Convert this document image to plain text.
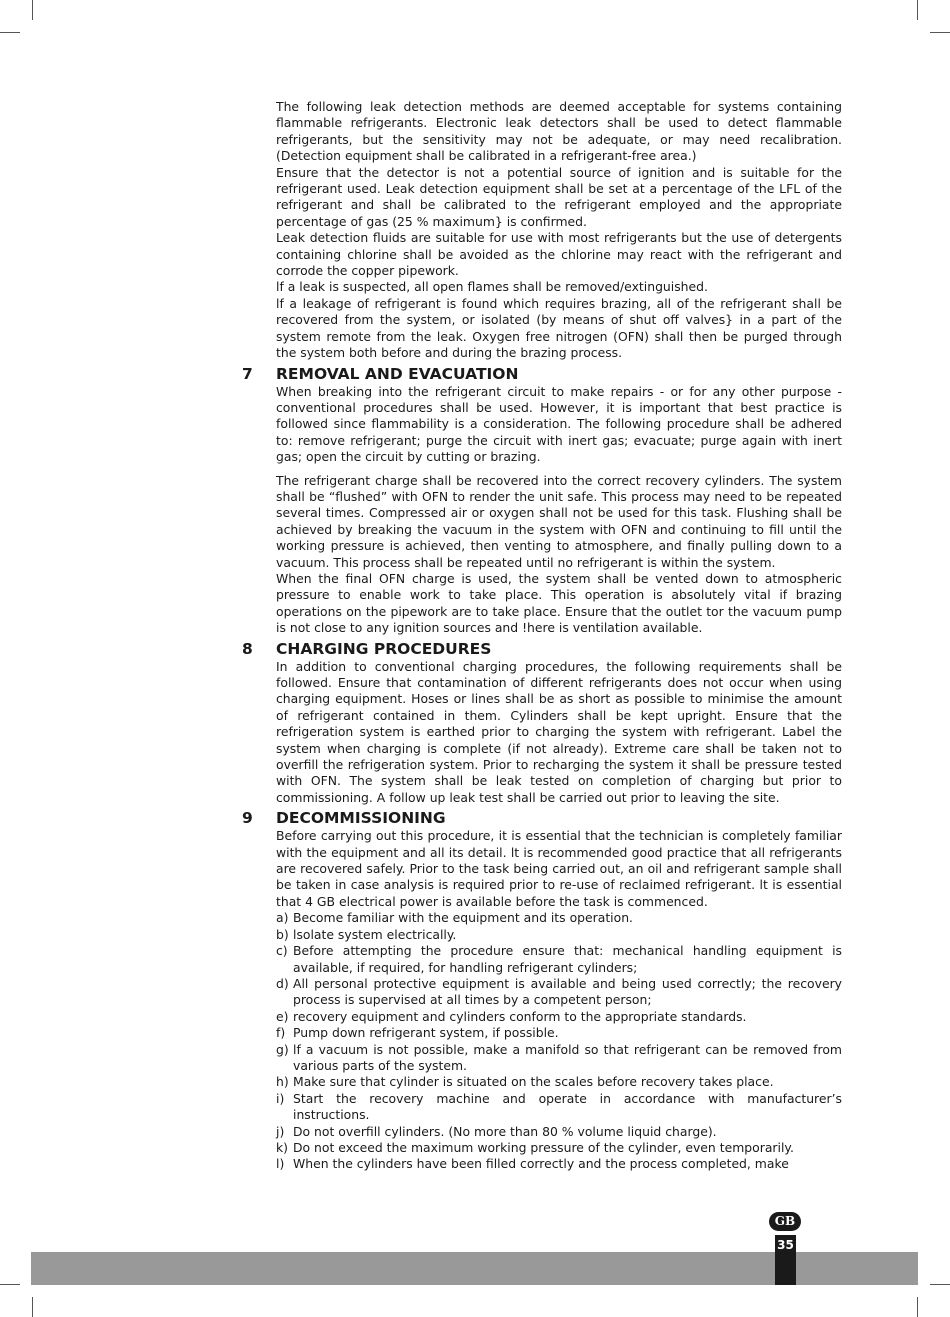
The following leak detection methods are deemed acceptable for systems containing flammable refrigerants. Electronic leak detectors shall be used to detect flammable refrigerants, but the sensitivity may not be adequate, or may need recalibration. (Detection equipment shall be calibrated in a refrigerant-free area.)

Ensure that the detector is not a potential source of ignition and is suitable for the refrigerant used. Leak detection equipment shall be set at a percentage of the LFL of the refrigerant and shall be calibrated to the refrigerant employed and the appropriate percentage of gas (25 % maximum} is confirmed.

Leak detection fluids are suitable for use with most refrigerants but the use of detergents containing chlorine shall be avoided as the chlorine may react with the refrigerant and corrode the copper pipework.

lf a leak is suspected, all open flames shall be removed/extinguished.

lf a leakage of refrigerant is found which requires brazing, all of the refrigerant shall be recovered from the system, or isolated (by means of shut off valves} in a part of the system remote from the leak. Oxygen free nitrogen (OFN) shall then be purged through the system both before and during the brazing process.

7 REMOVAL AND EVACUATION

When breaking into the refrigerant circuit to make repairs - or for any other purpose - conventional procedures shall be used. However, it is important that best practice is followed since flammability is a consideration. The following procedure shall be adhered to: remove refrigerant; purge the circuit with inert gas; evacuate; purge again with inert gas; open the circuit by cutting or brazing.

The refrigerant charge shall be recovered into the correct recovery cylinders. The system shall be “flushed” with OFN to render the unit safe. This process may need to be repeated several times. Compressed air or oxygen shall not be used for this task. Flushing shall be achieved by breaking the vacuum in the system with OFN and continuing to fill until the working pressure is achieved, then venting to atmosphere, and finally pulling down to a vacuum. This process shall be repeated until no refrigerant is within the system.

When the final OFN charge is used, the system shall be vented down to atmospheric pressure to enable work to take place. This operation is absolutely vital if brazing operations on the pipework are to take place. Ensure that the outlet tor the vacuum pump is not close to any ignition sources and !here is ventilation available.

8 CHARGING PROCEDURES

In addition to conventional charging procedures, the following requirements shall be followed. Ensure that contamination of different refrigerants does not occur when using charging equipment. Hoses or lines shall be as short as possible to minimise the amount of refrigerant contained in them. Cylinders shall be kept upright. Ensure that the refrigeration system is earthed prior to charging the system with refrigerant. Label the system when charging is complete (if not already). Extreme care shall be taken not to overfill the refrigeration system. Prior to recharging the system it shall be pressure tested with OFN. The system shall be leak tested on completion of charging but prior to commissioning. A follow up leak test shall be carried out prior to leaving the site.

9 DECOMMISSIONING

Before carrying out this procedure, it is essential that the technician is completely familiar with the equipment and all its detail. lt is recommended good practice that all refrigerants are recovered safely. Prior to the task being carried out, an oil and refrigerant sample shall be taken in case analysis is required prior to re-use of reclaimed refrigerant. lt is essential that 4 GB electrical power is available before the task is commenced.

a) Become familiar with the equipment and its operation.
b) lsolate system electrically.
c) Before attempting the procedure ensure that: mechanical handling equipment is available, if required, for handling refrigerant cylinders;
d) All personal protective equipment is available and being used correctly; the recovery process is supervised at all times by a competent person;
e) recovery equipment and cylinders conform to the appropriate standards.
f) Pump down refrigerant system, if possible.
g) lf a vacuum is not possible, make a manifold so that refrigerant can be removed from various parts of the system.
h) Make sure that cylinder is situated on the scales before recovery takes place.
i) Start the recovery machine and operate in accordance with manufacturer’s instructions.
j) Do not overfill cylinders. (No more than 80 % volume liquid charge).
k) Do not exceed the maximum working pressure of the cylinder, even temporarily.
l) When the cylinders have been filled correctly and the process completed, make
GB
35
